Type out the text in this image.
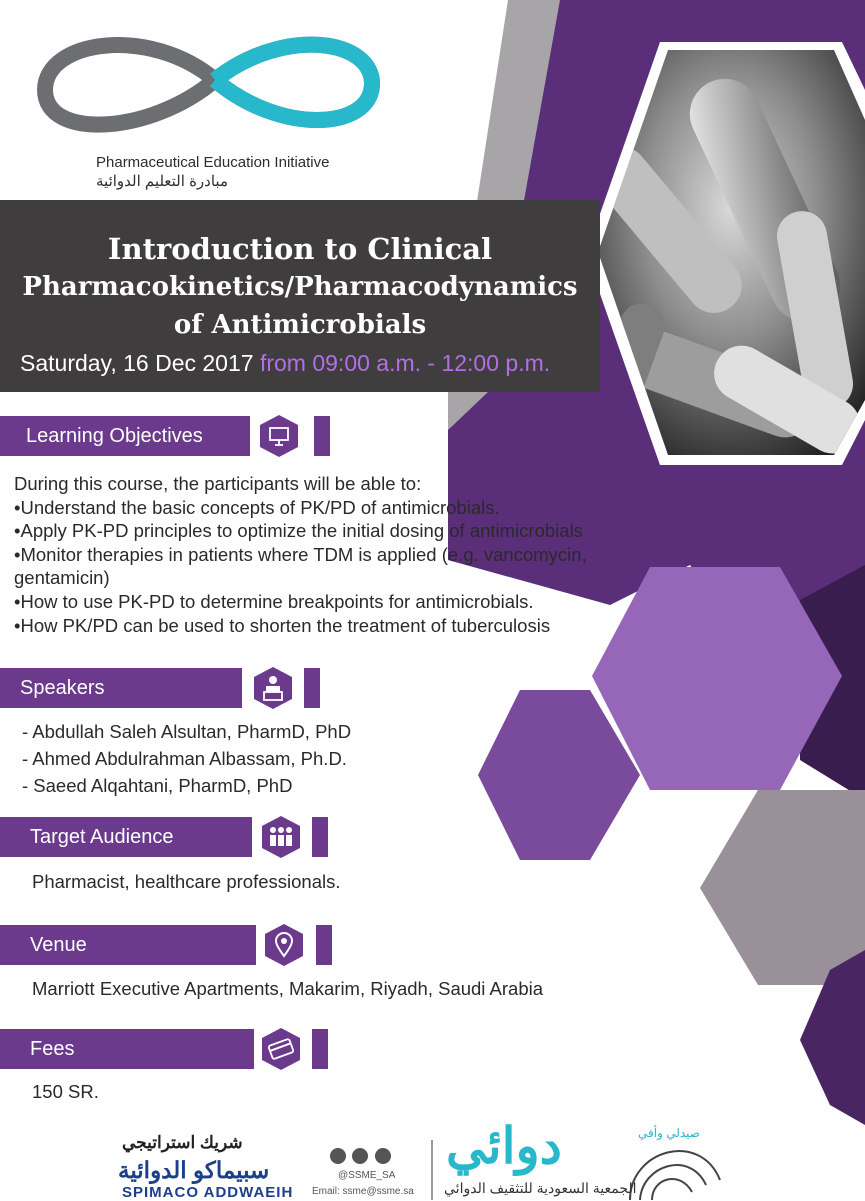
Pharmaceutical Education Initiative
مبادرة التعليم الدوائية
Introduction to Clinical
Pharmacokinetics/Pharmacodynamics
of Antimicrobials
Saturday, 16 Dec 2017 from 09:00 a.m. - 12:00 p.m.
Learning Objectives
During this course, the participants will be able to:
•Understand the basic concepts of PK/PD of antimicrobials.
•Apply PK-PD principles to optimize the initial dosing of antimicrobials
•Monitor therapies in patients where TDM is applied (e.g. vancomycin,
gentamicin)
•How to use PK-PD to determine breakpoints for antimicrobials.
•How PK/PD can be used to shorten the treatment of tuberculosis
Speakers
- Abdullah Saleh Alsultan, PharmD, PhD
- Ahmed Abdulrahman Albassam, Ph.D.
- Saeed Alqahtani, PharmD, PhD
Target Audience
Pharmacist, healthcare professionals.
Venue
Marriott Executive Apartments, Makarim, Riyadh, Saudi Arabia
Fees
150 SR.
شريك استراتيجي
سبيماكو الدوائية
SPIMACO ADDWAEIH

@SSME_SA
Email: ssme@ssme.sa
دوائي
الجمعية السعودية للتثقيف الدوائي
صيدلي وأفي
